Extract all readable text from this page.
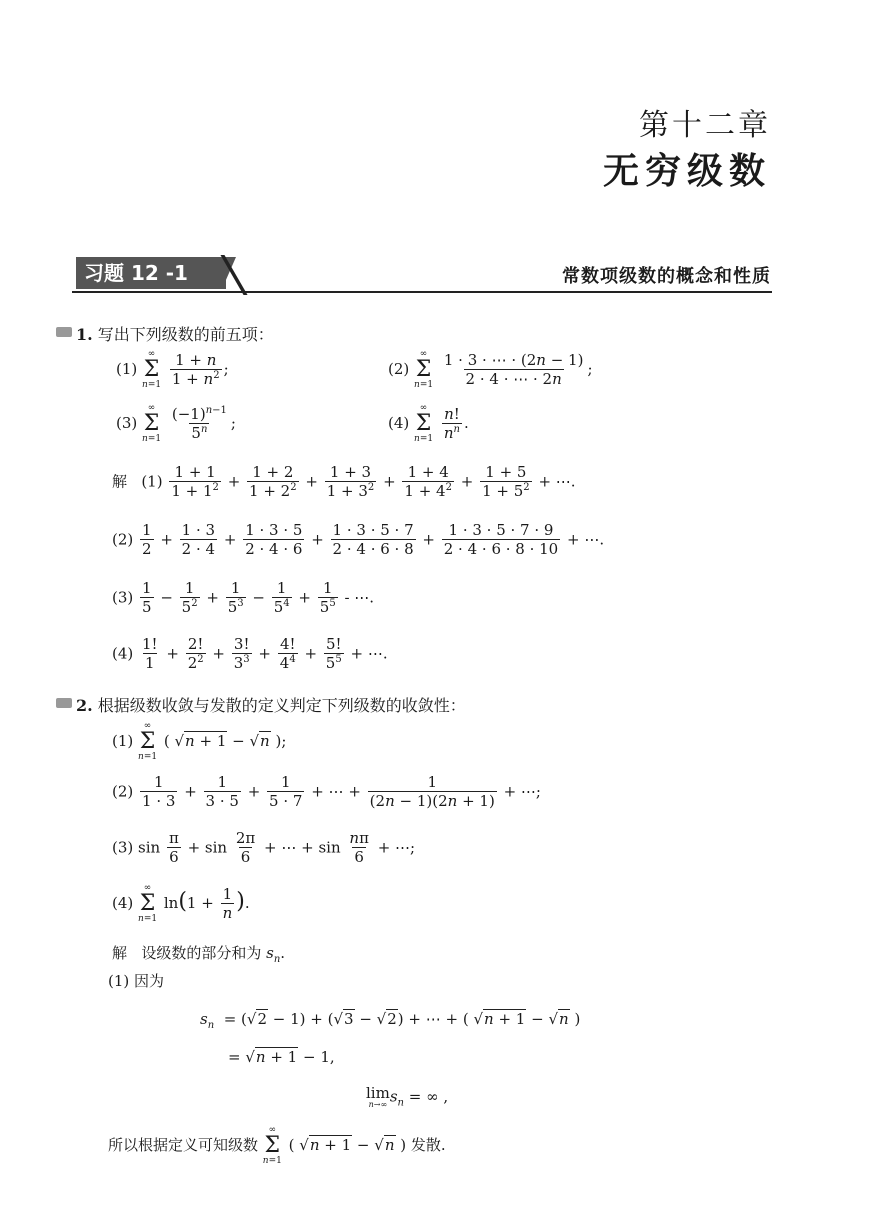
第十二章
无穷级数
习题 12 -1	常数项级数的概念和性质
1. 写出下列级数的前五项：
(1)
∞
Σ
n=1
$\frac{1 + n}{1 + n^2}$ ;	(2)
∞
Σ
n=1
$\frac{1 \cdot 3 \cdot \cdots \cdot (2n - 1)}{2 \cdot 4 \cdot \cdots \cdot 2n}$ ;
(3)
∞
Σ
n=1
$\frac{(-1)^{n-1}}{5^n}$ ;	(4)
∞
Σ
n=1
$\frac{n!}{n^n}$ .
解   $(1) \frac{1 + 1}{1 + 1^2} + \frac{1 + 2}{1 + 2^2} + \frac{1 + 3}{1 + 3^2} + \frac{1 + 4}{1 + 4^2} + \frac{1 + 5}{1 + 5^2}$ + ⋯.
$(2) \frac{1}{2} + \frac{1 \cdot 3}{2 \cdot 4} + \frac{1 \cdot 3 \cdot 5}{2 \cdot 4 \cdot 6} + \frac{1 \cdot 3 \cdot 5 \cdot 7}{2 \cdot 4 \cdot 6 \cdot 8} + \frac{1 \cdot 3 \cdot 5 \cdot 7 \cdot 9}{2 \cdot 4 \cdot 6 \cdot 8 \cdot 10}$ + ⋯.
$(3) \frac{1}{5} - \frac{1}{5^2} + \frac{1}{5^3} - \frac{1}{5^4} + \frac{1}{5^5}$ - ⋯.
$(4) \frac{1!}{1} + \frac{2!}{2^2} + \frac{3!}{3^3} + \frac{4!}{4^4} + \frac{5!}{5^5}$ + ⋯.
2. 根据级数收敛与发散的定义判定下列级数的收敛性：
(1)
∞
Σ
n=1
( √n + 1 − √n );
$(2) \frac{1}{1 \cdot 3} + \frac{1}{3 \cdot 5} + \frac{1}{5 \cdot 7}$ + ⋯ + $\frac{1}{(2n - 1)(2n + 1)}$ + ⋯;
(3) $\sin \frac{\pi}{6} + \sin \frac{2\pi}{6}$ + ⋯ + $\sin \frac{n\pi}{6}$ + ⋯;
(4)
∞
Σ
n=1
$\ln(1 + \frac{1}{n}$ ).
解 设级数的部分和为 $s_n$.
(1) 因为
$s_n = (√2 - 1) + (√3 - √2)$ + ⋯ + ( √n + 1 − √n )
= √n + 1 − 1,
lim
n→∞ $s_n$ = ∞ ,
所以根据定义可知级数
∞
Σ
n=1
( √n + 1 − √n ) 发散.
